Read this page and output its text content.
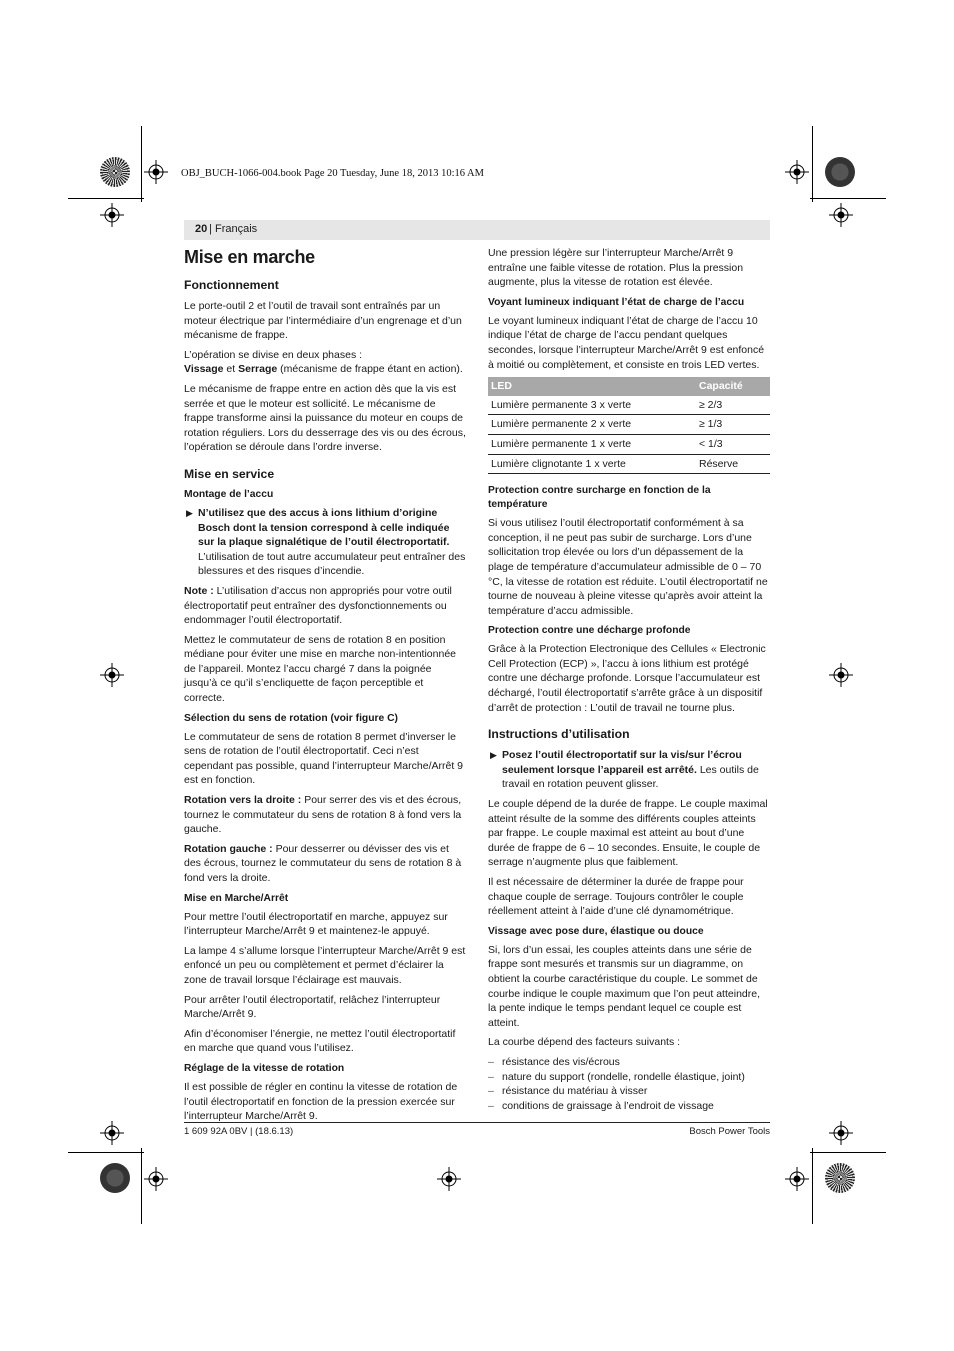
OBJ_BUCH-1066-004.book Page 20 Tuesday, June 18, 2013 10:16 AM
20 | Français
Mise en marche
Fonctionnement

Le porte-outil 2 et l’outil de travail sont entraînés par un moteur électrique par l’intermédiaire d’un engrenage et d’un mécanisme de frappe.

L’opération se divise en deux phases :

Vissage et Serrage (mécanisme de frappe étant en action).

Le mécanisme de frappe entre en action dès que la vis est serrée et que le moteur est sollicité. Le mécanisme de frappe transforme ainsi la puissance du moteur en coups de rotation réguliers. Lors du desserrage des vis ou des écrous, l’opération se déroule dans l’ordre inverse.

Mise en service
Montage de l’accu
▶ N’utilisez que des accus à ions lithium d’origine Bosch dont la tension correspond à celle indiquée sur la plaque signalétique de l’outil électroportatif. L’utilisation de tout autre accumulateur peut entraîner des blessures et des risques d’incendie.

Note : L’utilisation d’accus non appropriés pour votre outil électroportatif peut entraîner des dysfonctionnements ou endommager l’outil électroportatif.

Mettez le commutateur de sens de rotation 8 en position médiane pour éviter une mise en marche non-intentionnée de l’appareil. Montez l’accu chargé 7 dans la poignée jusqu’à ce qu’il s’encliquette de façon perceptible et correcte.

Sélection du sens de rotation (voir figure C)

Le commutateur de sens de rotation 8 permet d’inverser le sens de rotation de l’outil électroportatif. Ceci n’est cependant pas possible, quand l’interrupteur Marche/Arrêt 9 est en fonction.

Rotation vers la droite : Pour serrer des vis et des écrous, tournez le commutateur du sens de rotation 8 à fond vers la gauche.

Rotation gauche : Pour desserrer ou dévisser des vis et des écrous, tournez le commutateur du sens de rotation 8 à fond vers la droite.

Mise en Marche/Arrêt

Pour mettre l’outil électroportatif en marche, appuyez sur l’interrupteur Marche/Arrêt 9 et maintenez-le appuyé.

La lampe 4 s’allume lorsque l’interrupteur Marche/Arrêt 9 est enfoncé un peu ou complètement et permet d’éclairer la zone de travail lorsque l’éclairage est mauvais.

Pour arrêter l’outil électroportatif, relâchez l’interrupteur Marche/Arrêt 9.

Afin d’économiser l’énergie, ne mettez l’outil électroportatif en marche que quand vous l’utilisez.

Réglage de la vitesse de rotation

Il est possible de régler en continu la vitesse de rotation de l’outil électroportatif en fonction de la pression exercée sur l’interrupteur Marche/Arrêt 9.

Une pression légère sur l’interrupteur Marche/Arrêt 9 entraîne une faible vitesse de rotation. Plus la pression augmente, plus la vitesse de rotation est élevée.

Voyant lumineux indiquant l’état de charge de l’accu

Le voyant lumineux indiquant l’état de charge de l’accu 10 indique l’état de charge de l’accu pendant quelques secondes, lorsque l’interrupteur Marche/Arrêt 9 est enfoncé à moitié ou complètement, et consiste en trois LED vertes.

LED	Capacité
Lumière permanente 3 x verte	≥ 2/3
Lumière permanente 2 x verte	≥ 1/3
Lumière permanente 1 x verte	< 1/3
Lumière clignotante 1 x verte	Réserve
Protection contre surcharge en fonction de la température

Si vous utilisez l’outil électroportatif conformément à sa conception, il ne peut pas subir de surcharge. Lors d’une sollicitation trop élevée ou lors d’un dépassement de la plage de température d’accumulateur admissible de 0 – 70 °C, la vitesse de rotation est réduite. L’outil électroportatif ne tourne de nouveau à pleine vitesse qu’après avoir atteint la température d’accu admissible.

Protection contre une décharge profonde

Grâce à la Protection Electronique des Cellules « Electronic Cell Protection (ECP) », l’accu à ions lithium est protégé contre une décharge profonde. Lorsque l’accumulateur est déchargé, l’outil électroportatif s’arrête grâce à un dispositif d’arrêt de protection : L’outil de travail ne tourne plus.

Instructions d’utilisation
▶ Posez l’outil électroportatif sur la vis/sur l’écrou seulement lorsque l’appareil est arrêté. Les outils de travail en rotation peuvent glisser.

Le couple dépend de la durée de frappe. Le couple maximal atteint résulte de la somme des différents couples atteints par frappe. Le couple maximal est atteint au bout d’une durée de frappe de 6 – 10 secondes. Ensuite, le couple de serrage n’augmente plus que faiblement.

Il est nécessaire de déterminer la durée de frappe pour chaque couple de serrage. Toujours contrôler le couple réellement atteint à l’aide d’une clé dynamométrique.

Vissage avec pose dure, élastique ou douce

Si, lors d’un essai, les couples atteints dans une série de frappe sont mesurés et transmis sur un diagramme, on obtient la courbe caractéristique du couple. Le sommet de courbe indique le couple maximum que l’on peut atteindre, la pente indique le temps pendant lequel ce couple est atteint.

La courbe dépend des facteurs suivants :

– résistance des vis/écrous
– nature du support (rondelle, rondelle élastique, joint)
– résistance du matériau à visser
– conditions de graissage à l’endroit de vissage
1 609 92A 0BV | (18.6.13)	Bosch Power Tools
